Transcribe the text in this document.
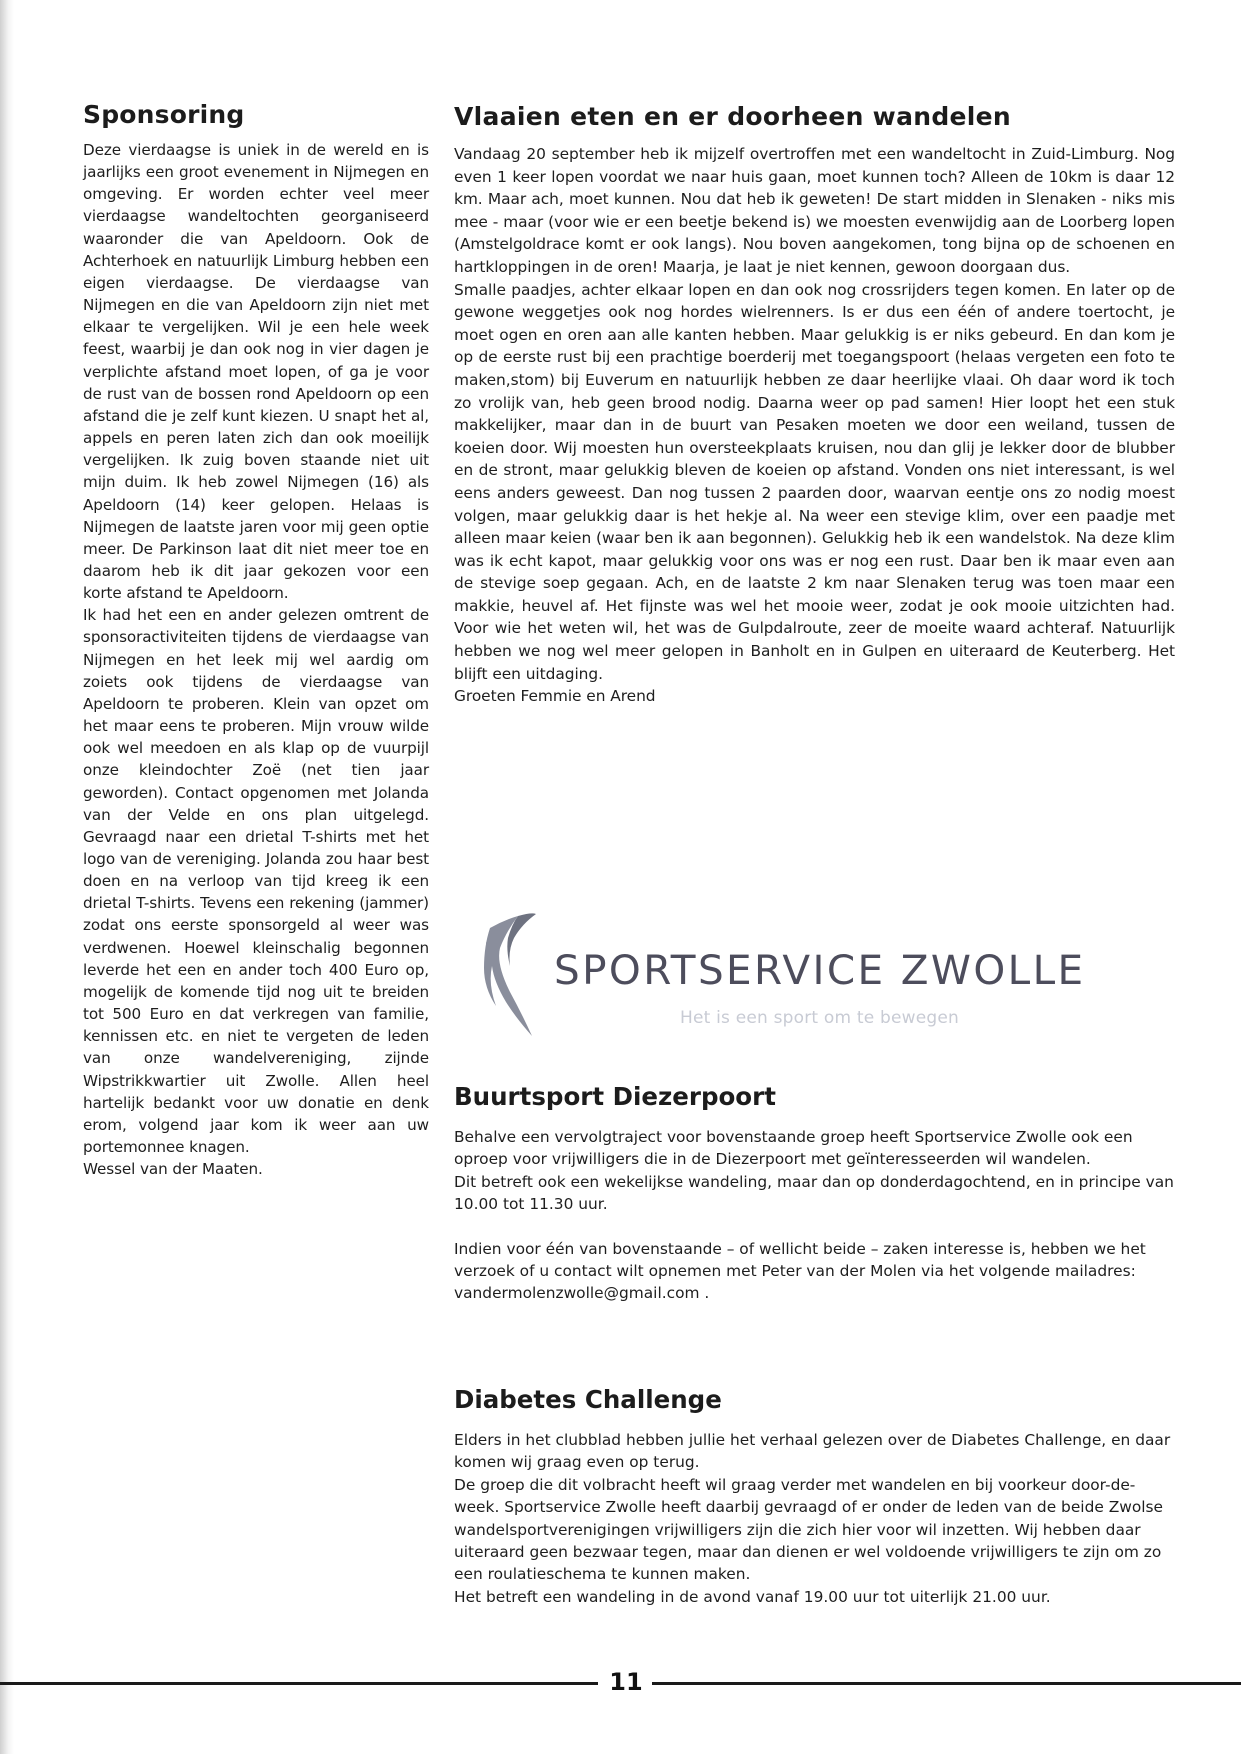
Sponsoring

Deze vierdaagse is uniek in de wereld en is jaarlijks een groot evenement in Nijmegen en omgeving. Er worden echter veel meer vierdaagse wandeltochten georganiseerd waaronder die van Apeldoorn. Ook de Achterhoek en natuurlijk Limburg hebben een eigen vierdaagse. De vierdaagse van Nijmegen en die van Apeldoorn zijn niet met elkaar te vergelijken. Wil je een hele week feest, waarbij je dan ook nog in vier dagen je verplichte afstand moet lopen, of ga je voor de rust van de bossen rond Apeldoorn op een afstand die je zelf kunt kiezen. U snapt het al, appels en peren laten zich dan ook moeilijk vergelijken. Ik zuig boven staande niet uit mijn duim. Ik heb zowel Nijmegen (16) als Apeldoorn (14) keer gelopen. Helaas is Nijmegen de laatste jaren voor mij geen optie meer. De Parkinson laat dit niet meer toe en daarom heb ik dit jaar gekozen voor een korte afstand te Apeldoorn.

Ik had het een en ander gelezen omtrent de sponsoractiviteiten tijdens de vierdaagse van Nijmegen en het leek mij wel aardig om zoiets ook tijdens de vierdaagse van Apeldoorn te proberen. Klein van opzet om het maar eens te proberen. Mijn vrouw wilde ook wel meedoen en als klap op de vuurpijl onze kleindochter Zoë (net tien jaar geworden). Contact opgenomen met Jolanda van der Velde en ons plan uitgelegd. Gevraagd naar een drietal T-shirts met het logo van de vereniging. Jolanda zou haar best doen en na verloop van tijd kreeg ik een drietal T-shirts. Tevens een rekening (jammer) zodat ons eerste sponsorgeld al weer was verdwenen. Hoewel kleinschalig begonnen leverde het een en ander toch 400 Euro op, mogelijk de komende tijd nog uit te breiden tot 500 Euro en dat verkregen van familie, kennissen etc. en niet te vergeten de leden van onze wandelvereniging, zijnde Wipstrikkwartier uit Zwolle. Allen heel hartelijk bedankt voor uw donatie en denk erom, volgend jaar kom ik weer aan uw portemonnee knagen.

Wessel van der Maaten.

Vlaaien eten en er doorheen wandelen

Vandaag 20 september heb ik mijzelf overtroffen met een wandeltocht in Zuid-Limburg. Nog even 1 keer lopen voordat we naar huis gaan, moet kunnen toch? Alleen de 10km is daar 12 km. Maar ach, moet kunnen. Nou dat heb ik geweten! De start midden in Slenaken - niks mis mee - maar (voor wie er een beetje bekend is) we moesten evenwijdig aan de Loorberg lopen (Amstelgoldrace komt er ook langs). Nou boven aangekomen, tong bijna op de schoenen en hartkloppingen in de oren! Maarja, je laat je niet kennen, gewoon doorgaan dus.

Smalle paadjes, achter elkaar lopen en dan ook nog crossrijders tegen komen. En later op de gewone weggetjes ook nog hordes wielrenners. Is er dus een één of andere toertocht, je moet ogen en oren aan alle kanten hebben. Maar gelukkig is er niks gebeurd. En dan kom je op de eerste rust bij een prachtige boerderij met toegangspoort (helaas vergeten een foto te maken,stom) bij Euverum en natuurlijk hebben ze daar heerlijke vlaai. Oh daar word ik toch zo vrolijk van, heb geen brood nodig. Daarna weer op pad samen! Hier loopt het een stuk makkelijker, maar dan in de buurt van Pesaken moeten we door een weiland, tussen de koeien door. Wij moesten hun oversteekplaats kruisen, nou dan glij je lekker door de blubber en de stront, maar gelukkig bleven de koeien op afstand. Vonden ons niet interessant, is wel eens anders geweest. Dan nog tussen 2 paarden door, waarvan eentje ons zo nodig moest volgen, maar gelukkig daar is het hekje al. Na weer een stevige klim, over een paadje met alleen maar keien (waar ben ik aan begonnen). Gelukkig heb ik een wandelstok. Na deze klim was ik echt kapot, maar gelukkig voor ons was er nog een rust. Daar ben ik maar even aan de stevige soep gegaan. Ach, en de laatste 2 km naar Slenaken terug was toen maar een makkie, heuvel af. Het fijnste was wel het mooie weer, zodat je ook mooie uitzichten had. Voor wie het weten wil, het was de Gulpdalroute, zeer de moeite waard achteraf. Natuurlijk hebben we nog wel meer gelopen in Banholt en in Gulpen en uiteraard de Keuterberg. Het blijft een uitdaging.

Groeten Femmie en Arend

SPORTSERVICE ZWOLLE
Het is een sport om te bewegen
Buurtsport Diezerpoort

Behalve een vervolgtraject voor bovenstaande groep heeft Sportservice Zwolle ook een oproep voor vrijwilligers die in de Diezerpoort met geïnteresseerden wil wandelen.

Dit betreft ook een wekelijkse wandeling, maar dan op donderdagochtend, en in principe van 10.00 tot 11.30 uur.

Indien voor één van bovenstaande – of wellicht beide – zaken interesse is, hebben we het verzoek of u contact wilt opnemen met Peter van der Molen via het volgende mailadres: vandermolenzwolle@gmail.com .

Diabetes Challenge

Elders in het clubblad hebben jullie het verhaal gelezen over de Diabetes Challenge, en daar komen wij graag even op terug.

De groep die dit volbracht heeft wil graag verder met wandelen en bij voorkeur door-de-week. Sportservice Zwolle heeft daarbij gevraagd of er onder de leden van de beide Zwolse wandelsportverenigingen vrijwilligers zijn die zich hier voor wil inzetten. Wij hebben daar uiteraard geen bezwaar tegen, maar dan dienen er wel voldoende vrijwilligers te zijn om zo een roulatieschema te kunnen maken.

Het betreft een wandeling in de avond vanaf 19.00 uur tot uiterlijk 21.00 uur.

11
